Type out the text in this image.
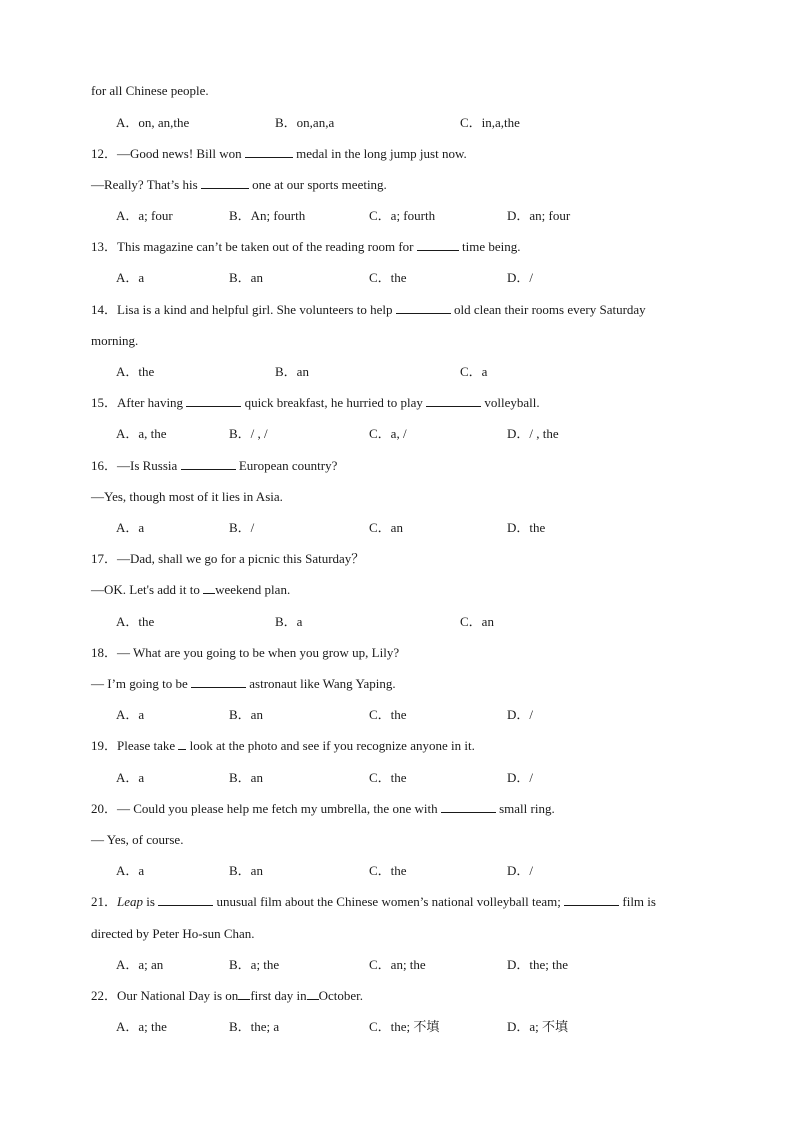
for all Chinese people.
A．on, an,the	B．on,an,a	C．in,a,the
12．—Good news! Bill won	medal in the long jump just now.
—Really? That’s his	one at our sports meeting.
A．a; four	B．An; fourth	C．a; fourth	D．an; four
13．This magazine can’t be taken out of the reading room for	time being.
A．a	B．an	C．the	D．/
14．Lisa is a kind and helpful girl. She volunteers to help	old clean their rooms every Saturday
morning.
A．the	B．an	C．a
15．After having	quick breakfast, he hurried to play	volleyball.
A．a, the	B．/ , /	C．a, /	D．/ , the
16．—Is Russia	European country?
—Yes, though most of it lies in Asia.
A．a	B．/	C．an	D．the
17．—Dad, shall we go for a picnic this Saturday？
—OK. Let's add it to weekend plan.
A．the	B．a	C．an
18．— What are you going to be when you grow up, Lily?
— I’m going to be	astronaut like Wang Yaping.
A．a	B．an	C．the	D．/
19．Please take  look at the photo and see if you recognize anyone in it.
A．a	B．an	C．the	D．/
20．— Could you please help me fetch my umbrella, the one with	small ring.
— Yes, of course.
A．a	B．an	C．the	D．/
21．Leap is	unusual film about the Chinese women’s national volleyball team;	film is
directed by Peter Ho-sun Chan.
A．a; an	B．a; the	C．an; the	D．the; the
22．Our National Day is on first day in October.
A．a; the	B．the; a	C．the; 不填	D．a; 不填
